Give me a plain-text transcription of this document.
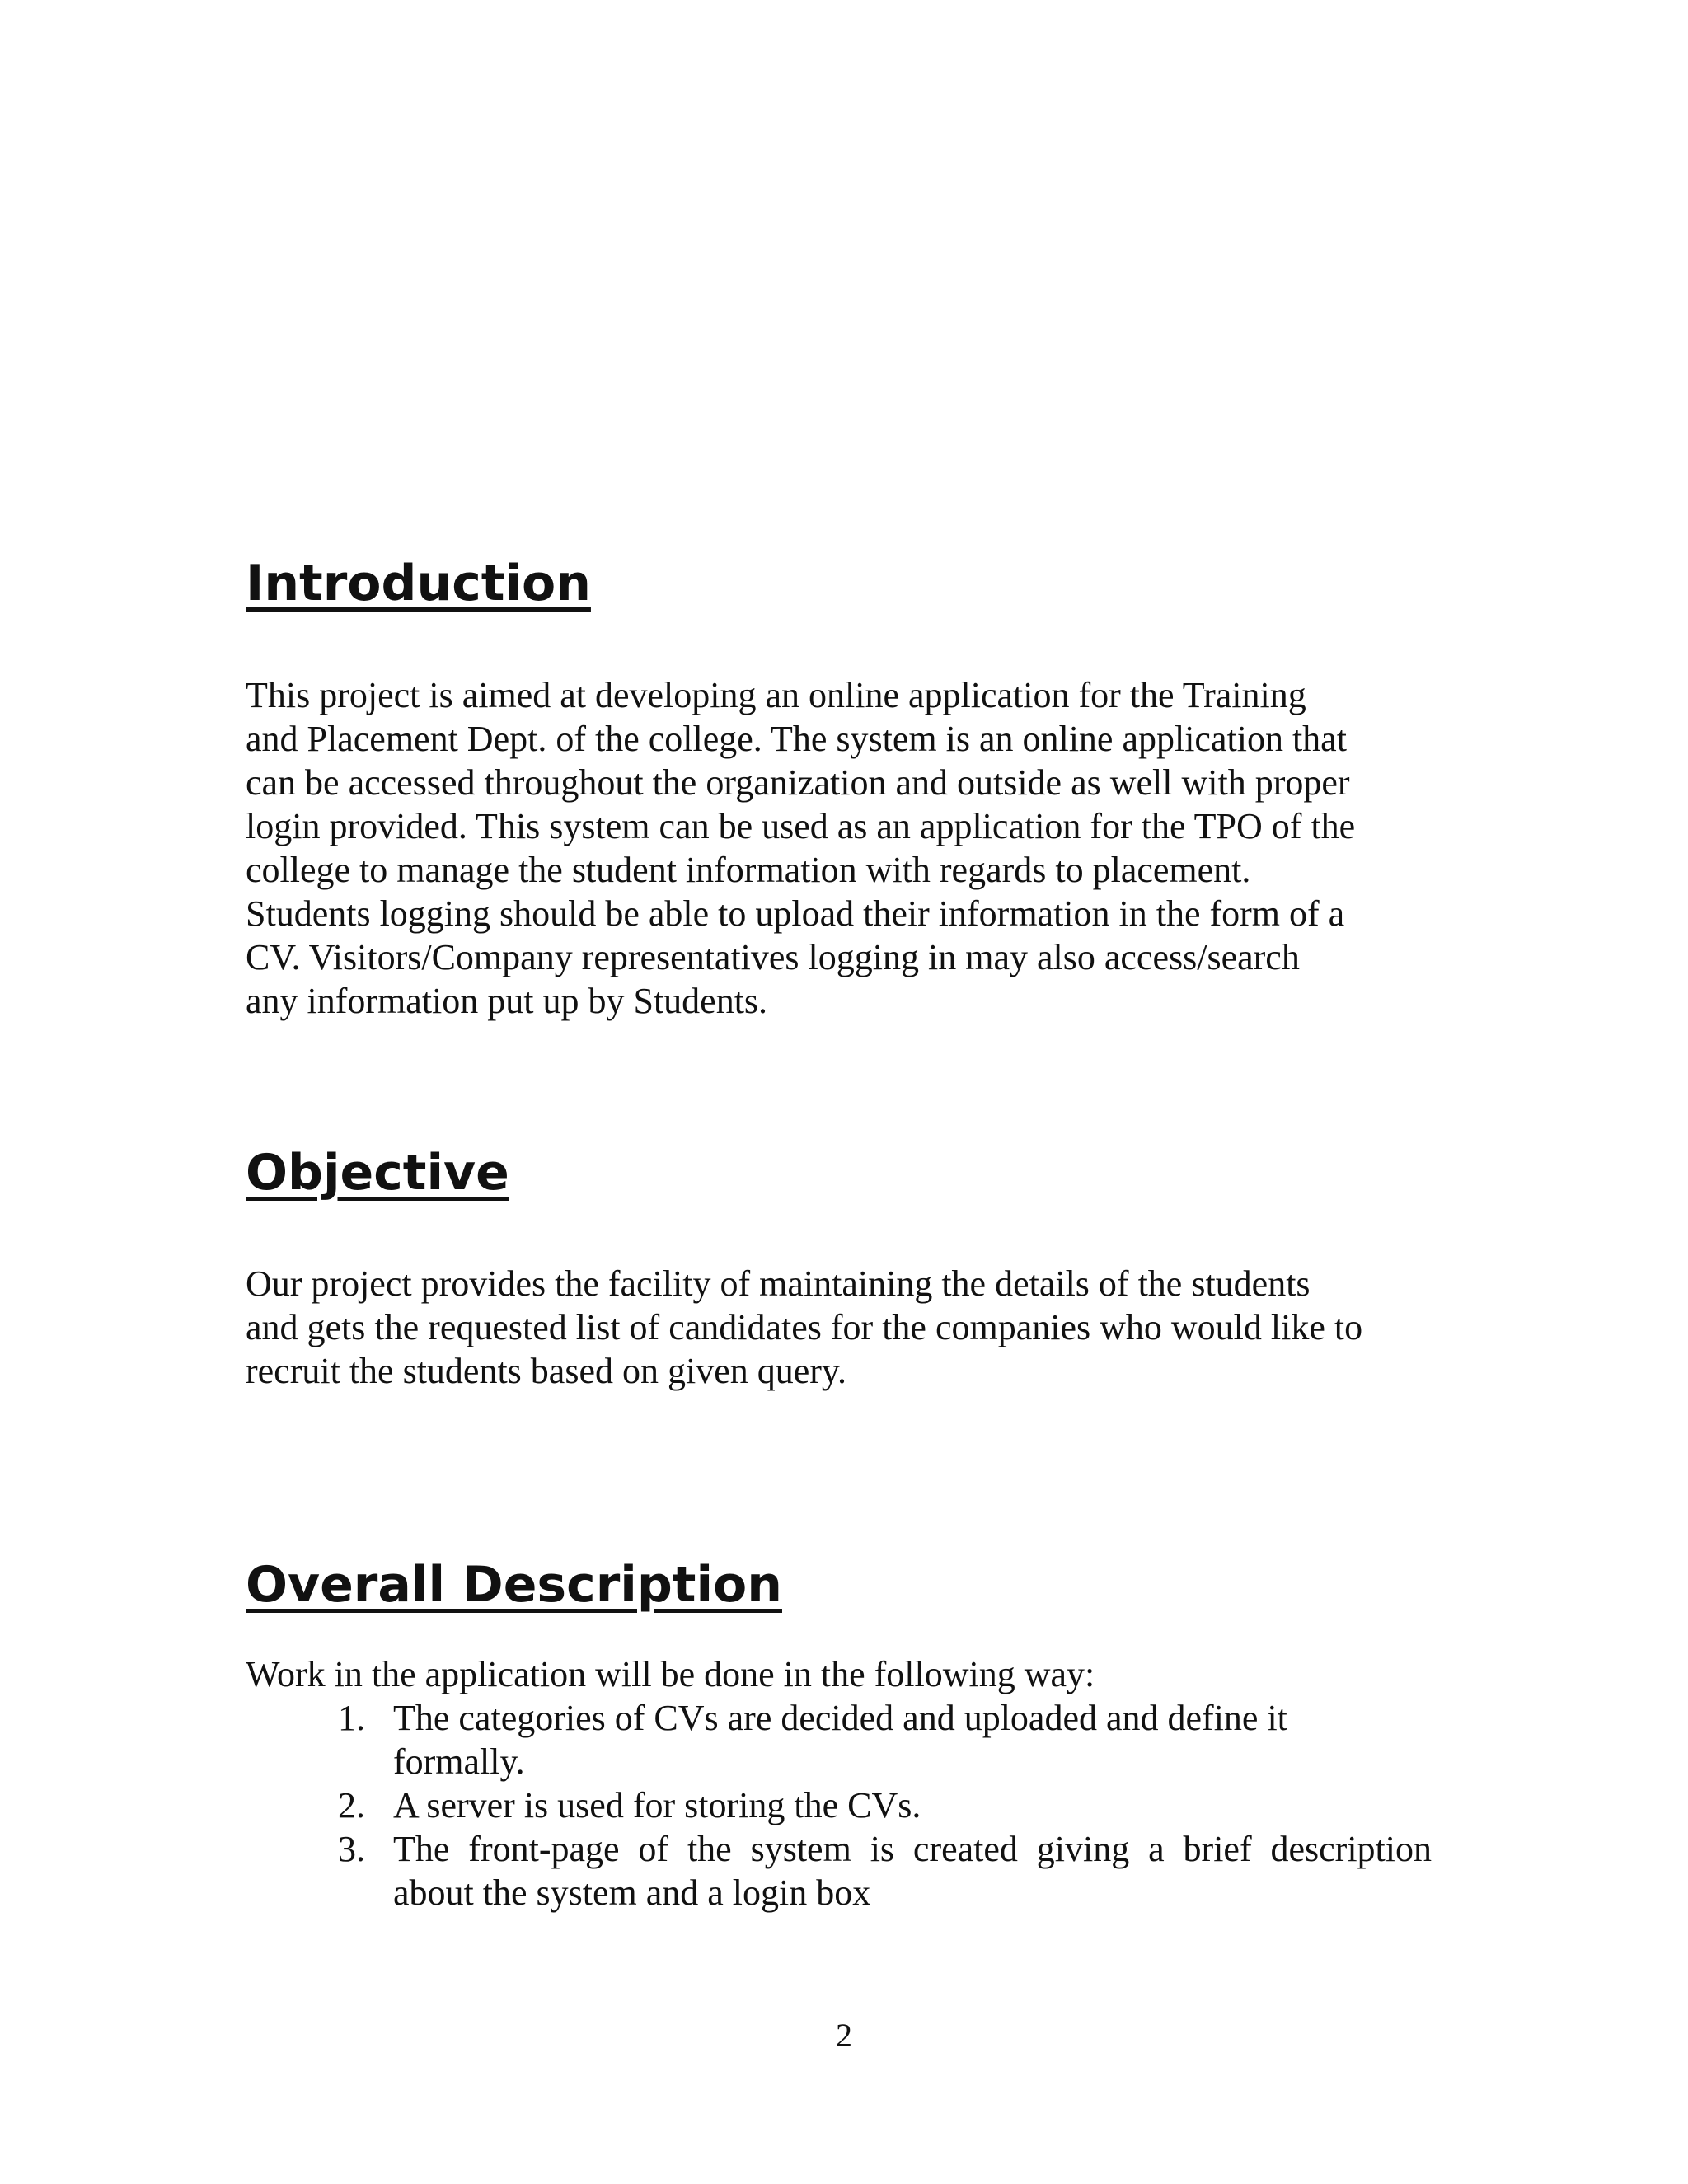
Introduction
This project is aimed at developing an online application for the Training
and Placement Dept. of the college. The system is an online application that
can be accessed throughout the organization and outside as well with proper
login provided. This system can be used as an application for the TPO of the
college to manage the student information with regards to placement.
Students logging should be able to upload their information in the form of a
CV. Visitors/Company representatives logging in may also access/search
any information put up by Students.
Objective
Our project provides the facility of maintaining the details of the students
and gets the requested list of candidates for the companies who would like to
recruit the students based on given query.
Overall Description
Work in the application will be done in the following way:
1. The categories of CVs are decided and uploaded and define it
formally.
2. A server is used for storing the CVs.
3. The front-page of the system is created giving a brief description
about the system and a login box
2
